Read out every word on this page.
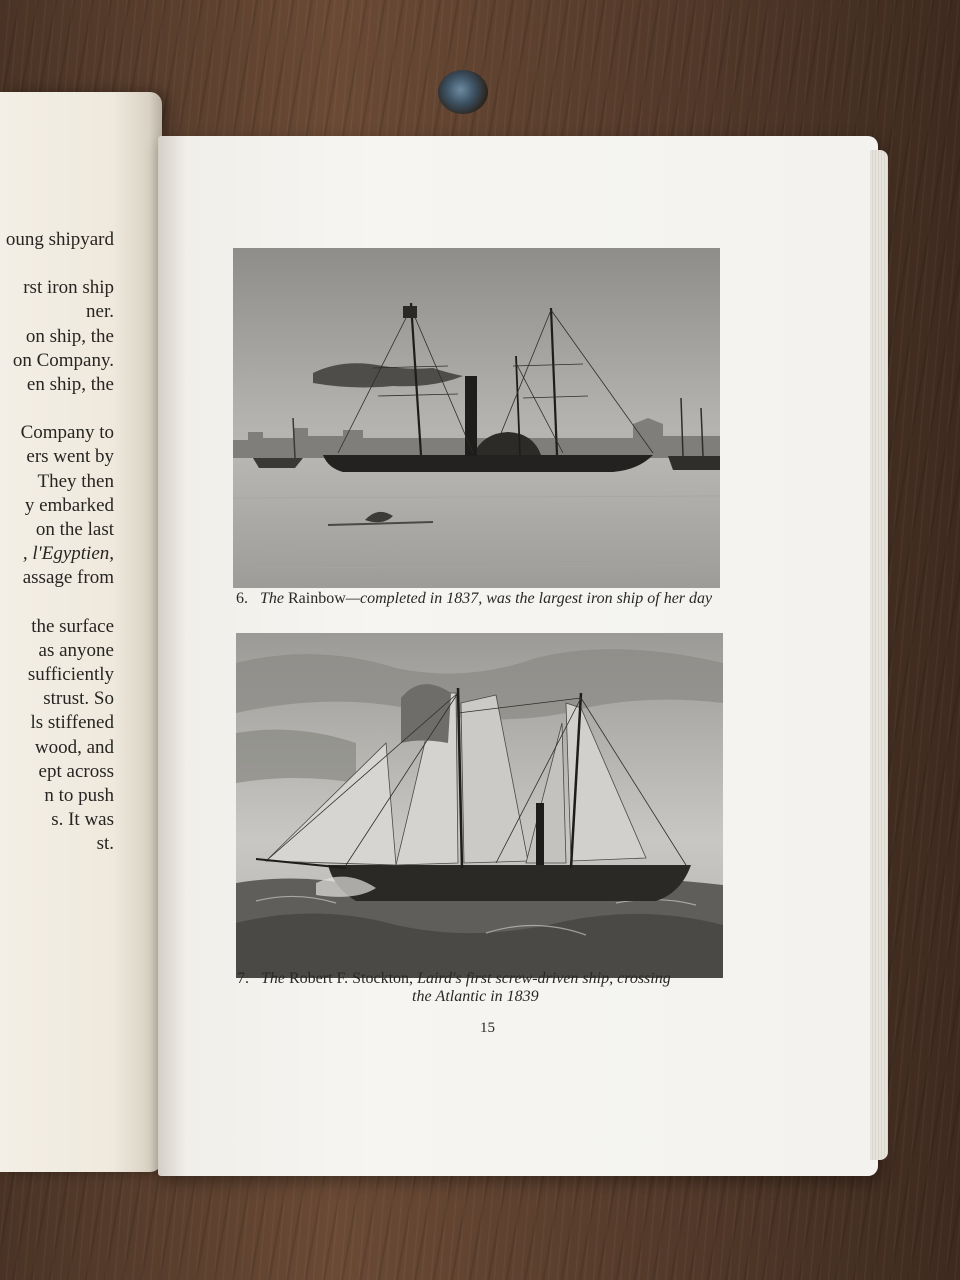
oung shipyard
rst iron ship
ner.
on ship, the
on Company.
en ship, the
Company to
ers went by
They then
y embarked
on the last
, l'Egyptien,
assage from
the surface
as anyone
sufficiently
strust. So
ls stiffened
wood, and
ept across
n to push
s. It was
st.
6. The Rainbow—completed in 1837, was the largest iron ship of her day
7. The Robert F. Stockton, Laird's first screw-driven ship, crossing
the Atlantic in 1839
15
